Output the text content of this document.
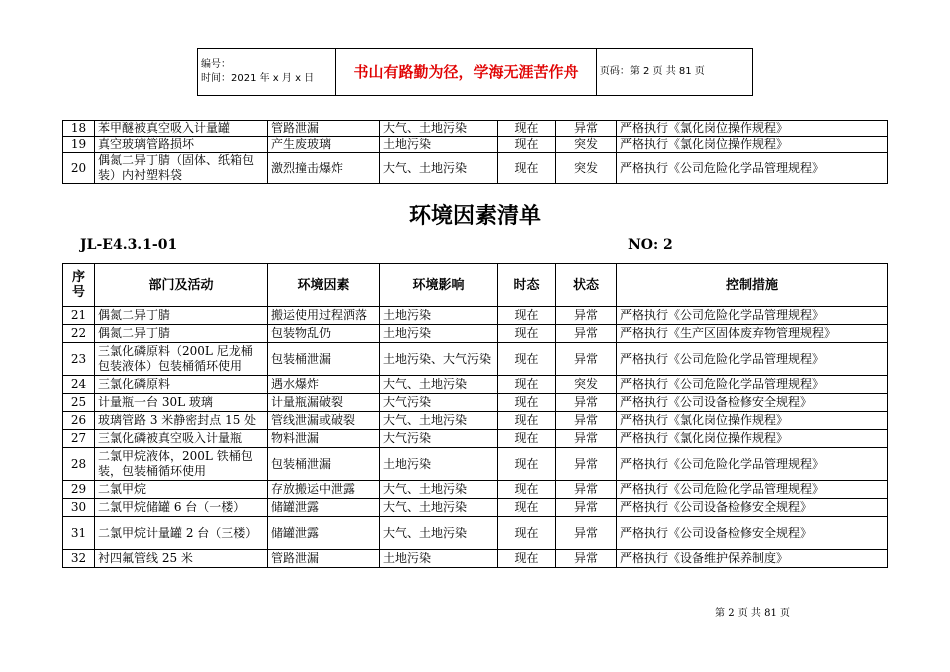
编号：
时间：2021 年 x 月 x 日	书山有路勤为径，学海无涯苦作舟	页码：第 2 页 共 81 页
18	苯甲醚被真空吸入计量罐	管路泄漏	大气、土地污染	现在	异常	严格执行《氯化岗位操作规程》
19	真空玻璃管路损坏	产生废玻璃	土地污染	现在	突发	严格执行《氯化岗位操作规程》
20	偶氮二异丁腈（固体、纸箱包装）内衬塑料袋	激烈撞击爆炸	大气、土地污染	现在	突发	严格执行《公司危险化学品管理规程》
环境因素清单
JL-E4.3.1-01	NO: 2
序号	部门及活动	环境因素	环境影响	时态	状态	控制措施
21	偶氮二异丁腈	搬运使用过程洒落	土地污染	现在	异常	严格执行《公司危险化学品管理规程》
22	偶氮二异丁腈	包装物乱仍	土地污染	现在	异常	严格执行《生产区固体废弃物管理规程》
23	三氯化磷原料（200L 尼龙桶包装液体）包装桶循环使用	包装桶泄漏	土地污染、大气污染	现在	异常	严格执行《公司危险化学品管理规程》
24	三氯化磷原料	遇水爆炸	大气、土地污染	现在	突发	严格执行《公司危险化学品管理规程》
25	计量瓶一台 30L 玻璃	计量瓶漏破裂	大气污染	现在	异常	严格执行《公司设备检修安全规程》
26	玻璃管路 3 米静密封点 15 处	管线泄漏或破裂	大气、土地污染	现在	异常	严格执行《氯化岗位操作规程》
27	三氯化磷被真空吸入计量瓶	物料泄漏	大气污染	现在	异常	严格执行《氯化岗位操作规程》
28	二氯甲烷液体，200L 铁桶包装，包装桶循环使用	包装桶泄漏	土地污染	现在	异常	严格执行《公司危险化学品管理规程》
29	二氯甲烷	存放搬运中泄露	大气、土地污染	现在	异常	严格执行《公司危险化学品管理规程》
30	二氯甲烷储罐 6 台（一楼）	储罐泄露	大气、土地污染	现在	异常	严格执行《公司设备检修安全规程》
31	二氯甲烷计量罐 2 台（三楼）	储罐泄露	大气、土地污染	现在	异常	严格执行《公司设备检修安全规程》
32	衬四氟管线 25 米	管路泄漏	土地污染	现在	异常	严格执行《设备维护保养制度》
第 2 页 共 81 页
